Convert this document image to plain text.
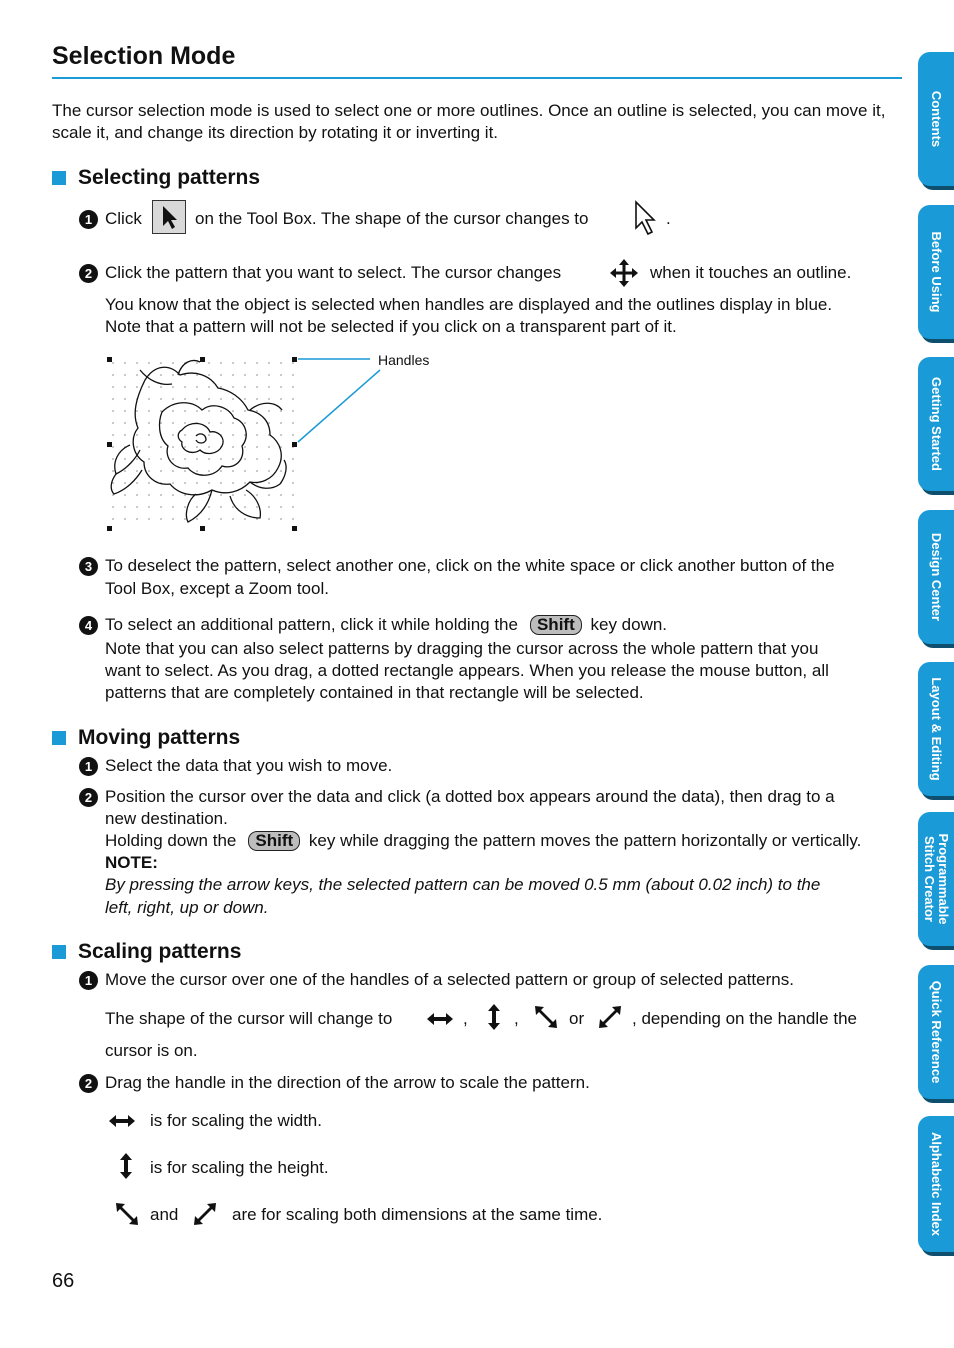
Selection Mode
The cursor selection mode is used to select one or more outlines. Once an outline is selected, you can move it, scale it, and change its direction by rotating it or inverting it.
Selecting patterns
1 Click	on the Tool Box. The shape of the cursor changes to	.
2 Click the pattern that you want to select. The cursor changes	when it touches an outline.
You know that the object is selected when handles are displayed and the outlines display in blue.
Note that a pattern will not be selected if you click on a transparent part of it.
Handles
3 To deselect the pattern, select another one, click on the white space or click another button of the
Tool Box, except a Zoom tool.
4 To select an additional pattern, click it while holding the Shift key down.
Note that you can also select patterns by dragging the cursor across the whole pattern that you
want to select. As you drag, a dotted rectangle appears. When you release the mouse button, all
patterns that are completely contained in that rectangle will be selected.
Moving patterns
1 Select the data that you wish to move.
2 Position the cursor over the data and click (a dotted box appears around the data), then drag to a
new destination.
Holding down the Shift key while dragging the pattern moves the pattern horizontally or vertically.
NOTE:
By pressing the arrow keys, the selected pattern can be moved 0.5 mm (about 0.02 inch) to the
left, right, up or down.
Scaling patterns
1 Move the cursor over one of the handles of a selected pattern or group of selected patterns.
The shape of the cursor will change to	,	,	or	, depending on the handle the
cursor is on.
2 Drag the handle in the direction of the arrow to scale the pattern.
is for scaling the width.
is for scaling the height.
and	are for scaling both dimensions at the same time.
66
Contents
Before Using
Getting Started
Design Center
Layout & Editing
Programmable
Stitch Creator
Quick Reference
Alphabetic Index
